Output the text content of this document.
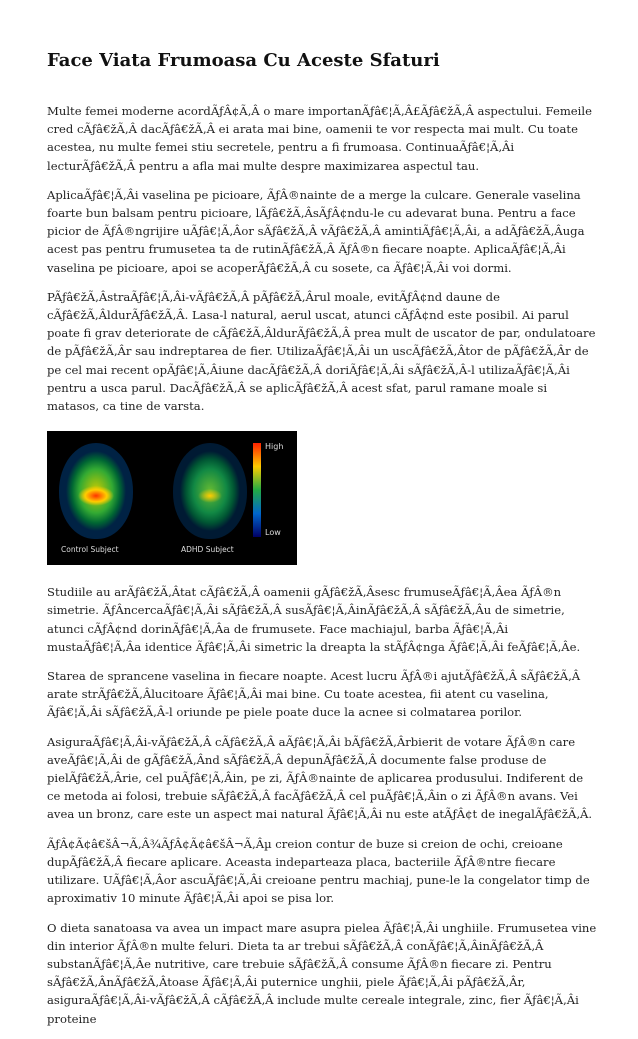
Face Viata Frumoasa Cu Aceste Sfaturi

Multe femei moderne acordÃƒÂ¢Ã‚Â o mare importanÃƒâ€¦Ã‚Â£Ãƒâ€žÃ‚Â aspectului. Femeile cred cÃƒâ€žÃ‚Â dacÃƒâ€žÃ‚Â ei arata mai bine, oamenii te vor respecta mai mult. Cu toate acestea, nu multe femei stiu secretele, pentru a fi frumoasa. ContinuaÃƒâ€¦Ã‚Âi lecturÃƒâ€žÃ‚Â pentru a afla mai multe despre maximizarea aspectul tau.

AplicaÃƒâ€¦Ã‚Âi vaselina pe picioare, ÃƒÂ®nainte de a merge la culcare. Generale vaselina foarte bun balsam pentru picioare, lÃƒâ€žÃ‚ÂsÃƒÂ¢ndu-le cu adevarat buna. Pentru a face picior de ÃƒÂ®ngrijire uÃƒâ€¦Ã‚Âor sÃƒâ€žÃ‚Â vÃƒâ€žÃ‚Â amintiÃƒâ€¦Ã‚Âi, a adÃƒâ€žÃ‚Âuga acest pas pentru frumusetea ta de rutinÃƒâ€žÃ‚Â ÃƒÂ®n fiecare noapte. AplicaÃƒâ€¦Ã‚Âi vaselina pe picioare, apoi se acoperÃƒâ€žÃ‚Â cu sosete, ca Ãƒâ€¦Ã‚Âi voi dormi.

PÃƒâ€žÃ‚ÂstraÃƒâ€¦Ã‚Âi-vÃƒâ€žÃ‚Â pÃƒâ€žÃ‚Ârul moale, evitÃƒÂ¢nd daune de cÃƒâ€žÃ‚ÂldurÃƒâ€žÃ‚Â. Lasa-l natural, aerul uscat, atunci cÃƒÂ¢nd este posibil. Ai parul poate fi grav deteriorate de cÃƒâ€žÃ‚ÂldurÃƒâ€žÃ‚Â prea mult de uscator de par, ondulatoare de pÃƒâ€žÃ‚Âr sau indreptarea de fier. UtilizaÃƒâ€¦Ã‚Âi un uscÃƒâ€žÃ‚Âtor de pÃƒâ€žÃ‚Âr de pe cel mai recent opÃƒâ€¦Ã‚Âiune dacÃƒâ€žÃ‚Â doriÃƒâ€¦Ã‚Âi sÃƒâ€žÃ‚Â-l utilizaÃƒâ€¦Ã‚Âi pentru a usca parul. DacÃƒâ€žÃ‚Â se aplicÃƒâ€žÃ‚Â acest sfat, parul ramane moale si matasos, ca tine de varsta.

High
Low
Control Subject	ADHD Subject

Studiile au arÃƒâ€žÃ‚Âtat cÃƒâ€žÃ‚Â oamenii gÃƒâ€žÃ‚Âsesc frumuseÃƒâ€¦Ã‚Âea ÃƒÂ®n simetrie. ÃƒÂncercaÃƒâ€¦Ã‚Âi sÃƒâ€žÃ‚Â susÃƒâ€¦Ã‚ÂinÃƒâ€žÃ‚Â sÃƒâ€žÃ‚Âu de simetrie, atunci cÃƒÂ¢nd dorinÃƒâ€¦Ã‚Âa de frumusete. Face machiajul, barba Ãƒâ€¦Ã‚Âi mustaÃƒâ€¦Ã‚Âa identice Ãƒâ€¦Ã‚Âi simetric la dreapta la stÃƒÂ¢nga Ãƒâ€¦Ã‚Âi feÃƒâ€¦Ã‚Âe.

Starea de sprancene vaselina in fiecare noapte. Acest lucru ÃƒÂ®i ajutÃƒâ€žÃ‚Â sÃƒâ€žÃ‚Â arate strÃƒâ€žÃ‚Âlucitoare Ãƒâ€¦Ã‚Âi mai bine. Cu toate acestea, fii atent cu vaselina, Ãƒâ€¦Ã‚Âi sÃƒâ€žÃ‚Â-l oriunde pe piele poate duce la acnee si colmatarea porilor.

AsiguraÃƒâ€¦Ã‚Âi-vÃƒâ€žÃ‚Â cÃƒâ€žÃ‚Â aÃƒâ€¦Ã‚Âi bÃƒâ€žÃ‚Ârbierit de votare ÃƒÂ®n care aveÃƒâ€¦Ã‚Âi de gÃƒâ€žÃ‚Ând sÃƒâ€žÃ‚Â depunÃƒâ€žÃ‚Â documente false produse de pielÃƒâ€žÃ‚Ârie, cel puÃƒâ€¦Ã‚Âin, pe zi, ÃƒÂ®nainte de aplicarea produsului. Indiferent de ce metoda ai folosi, trebuie sÃƒâ€žÃ‚Â facÃƒâ€žÃ‚Â cel puÃƒâ€¦Ã‚Âin o zi ÃƒÂ®n avans. Vei avea un bronz, care este un aspect mai natural Ãƒâ€¦Ã‚Âi nu este atÃƒÂ¢t de inegalÃƒâ€žÃ‚Â.

ÃƒÂ¢Ã¢â€šÂ¬Ã‚Â¾ÃƒÂ¢Ã¢â€šÂ¬Ã‚Âµ creion contur de buze si creion de ochi, creioane dupÃƒâ€žÃ‚Â fiecare aplicare. Aceasta indeparteaza placa, bacteriile ÃƒÂ®ntre fiecare utilizare. UÃƒâ€¦Ã‚Âor ascuÃƒâ€¦Ã‚Âi creioane pentru machiaj, pune-le la congelator timp de aproximativ 10 minute Ãƒâ€¦Ã‚Âi apoi se pisa lor.

O dieta sanatoasa va avea un impact mare asupra pielea Ãƒâ€¦Ã‚Âi unghiile. Frumusetea vine din interior ÃƒÂ®n multe feluri. Dieta ta ar trebui sÃƒâ€žÃ‚Â conÃƒâ€¦Ã‚ÂinÃƒâ€žÃ‚Â substanÃƒâ€¦Ã‚Âe nutritive, care trebuie sÃƒâ€žÃ‚Â consume ÃƒÂ®n fiecare zi. Pentru sÃƒâ€žÃ‚ÂnÃƒâ€žÃ‚Âtoase Ãƒâ€¦Ã‚Âi puternice unghii, piele Ãƒâ€¦Ã‚Âi pÃƒâ€žÃ‚Âr, asiguraÃƒâ€¦Ã‚Âi-vÃƒâ€žÃ‚Â cÃƒâ€žÃ‚Â include multe cereale integrale, zinc, fier Ãƒâ€¦Ã‚Âi proteine
